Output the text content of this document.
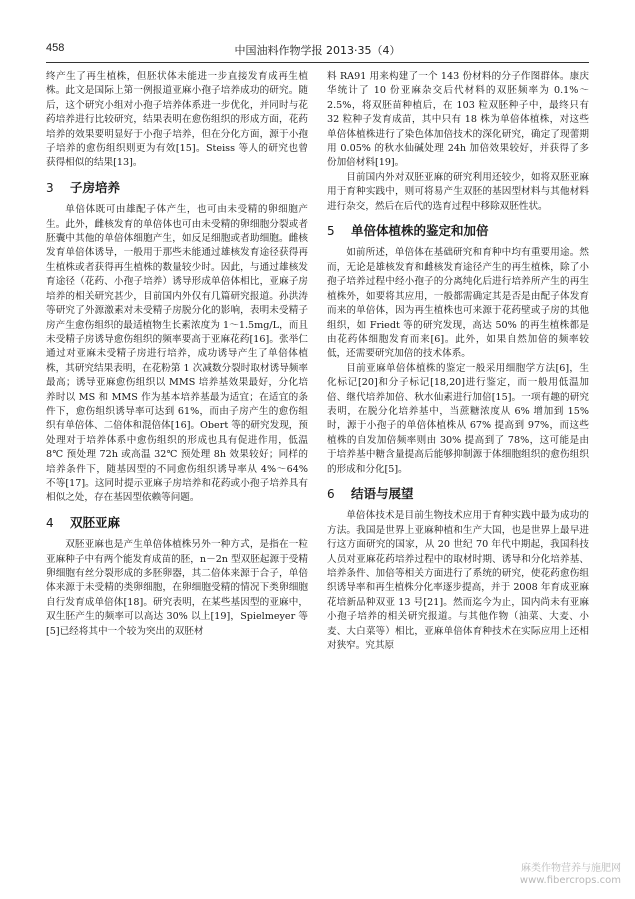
458	中国油料作物学报 2013·35（4）

终产生了再生植株，但胚状体未能进一步直接发育成再生植株。此文是国际上第一例报道亚麻小孢子培养成功的研究。随后，这个研究小组对小孢子培养体系进一步优化，并同时与花药培养进行比较研究，结果表明在愈伤组织的形成方面，花药培养的效果要明显好于小孢子培养，但在分化方面，源于小孢子培养的愈伤组织则更为有效[15]。Steiss 等人的研究也曾获得相似的结果[13]。

3	子房培养

单倍体既可由雄配子体产生，也可由未受精的卵细胞产生。此外，雌核发育的单倍体也可由未受精的卵细胞分裂或者胚囊中其他的单倍体细胞产生，如反足细胞或者助细胞。雌核发育单倍体诱导，一般用于那些未能通过雄核发育途径获得再生植株或者获得再生植株的数量较少时。因此，与通过雄核发育途径（花药、小孢子培养）诱导形成单倍体相比，亚麻子房培养的相关研究甚少，目前国内外仅有几篇研究报道。孙洪涛等研究了外源激素对未受精子房脱分化的影响，表明未受精子房产生愈伤组织的最适植物生长素浓度为 1～1.5mg/L，而且未受精子房诱导愈伤组织的频率要高于亚麻花药[16]。张举仁通过对亚麻未受精子房进行培养，成功诱导产生了单倍体植株，其研究结果表明，在花粉第 1 次减数分裂时取材诱导频率最高；诱导亚麻愈伤组织以 MMS 培养基效果最好，分化培养时以 MS 和 MMS 作为基本培养基最为适宜；在适宜的条件下，愈伤组织诱导率可达到 61%，而由子房产生的愈伤组织有单倍体、二倍体和混倍体[16]。Obert 等的研究发现，预处理对于培养体系中愈伤组织的形成也具有促进作用，低温 8℃ 预处理 72h 或高温 32℃ 预处理 8h 效果较好；同样的培养条件下，随基因型的不同愈伤组织诱导率从 4%～64% 不等[17]。这同时提示亚麻子房培养和花药或小孢子培养具有相似之处，存在基因型依赖等问题。

4	双胚亚麻

双胚亚麻也是产生单倍体植株另外一种方式，是指在一粒亚麻种子中有两个能发育成苗的胚，n－2n 型双胚起源于受精卵细胞有丝分裂形成的多胚卵器，其二倍体来源于合子，单倍体来源于未受精的类卵细胞，在卵细胞受精的情况下类卵细胞自行发育成单倍体[18]。研究表明，在某些基因型的亚麻中，双生胚产生的频率可以高达 30% 以上[19]，Spielmeyer 等[5]已经将其中一个较为突出的双胚材

料 RA91 用来构建了一个 143 份材料的分子作图群体。康庆华统计了 10 份亚麻杂交后代材料的双胚频率为 0.1%～2.5%，将双胚苗种植后，在 103 粒双胚种子中，最终只有 32 粒种子发育成苗，其中只有 18 株为单倍体植株，对这些单倍体植株进行了染色体加倍技术的深化研究，确定了现蕾期用 0.05% 的秋水仙碱处理 24h 加倍效果较好，并获得了多份加倍材料[19]。

目前国内外对双胚亚麻的研究利用还较少，如将双胚亚麻用于育种实践中，则可将易产生双胚的基因型材料与其他材料进行杂交，然后在后代的选育过程中移除双胚性状。

5	单倍体植株的鉴定和加倍

如前所述，单倍体在基础研究和育种中均有重要用途。然而，无论是雄核发育和雌核发育途径产生的再生植株，除了小孢子培养过程中经小孢子的分离纯化后进行培养所产生的再生植株外，如要将其应用，一般都需确定其是否是由配子体发育而来的单倍体，因为再生植株也可来源于花药壁或子房的其他组织，如 Friedt 等的研究发现，高达 50% 的再生植株都是由花药体细胞发育而来[6]。此外，如果自然加倍的频率较低，还需要研究加倍的技术体系。

目前亚麻单倍体植株的鉴定一般采用细胞学方法[6]，生化标记[20]和分子标记[18,20]进行鉴定，而一般用低温加倍、继代培养加倍、秋水仙素进行加倍[15]。一项有趣的研究表明，在脱分化培养基中，当蔗糖浓度从 6% 增加到 15% 时，源于小孢子的单倍体植株从 67% 提高到 97%，而这些植株的自发加倍频率则由 30% 提高到了 78%，这可能是由于培养基中糖含量提高后能够抑制源于体细胞组织的愈伤组织的形成和分化[5]。

6	结语与展望

单倍体技术是目前生物技术应用于育种实践中最为成功的方法。我国是世界上亚麻种植和生产大国，也是世界上最早进行这方面研究的国家，从 20 世纪 70 年代中期起，我国科技人员对亚麻花药培养过程中的取材时期、诱导和分化培养基、培养条件、加倍等相关方面进行了系统的研究，使花药愈伤组织诱导率和再生植株分化率逐步提高，并于 2008 年育成亚麻花培新品种双亚 13 号[21]。然而迄今为止，国内尚未有亚麻小孢子培养的相关研究报道。与其他作物（油菜、大麦、小麦、大白菜等）相比，亚麻单倍体育种技术在实际应用上还相对狭窄。究其原

麻类作物营养与施肥网
www.fibercrops.com
